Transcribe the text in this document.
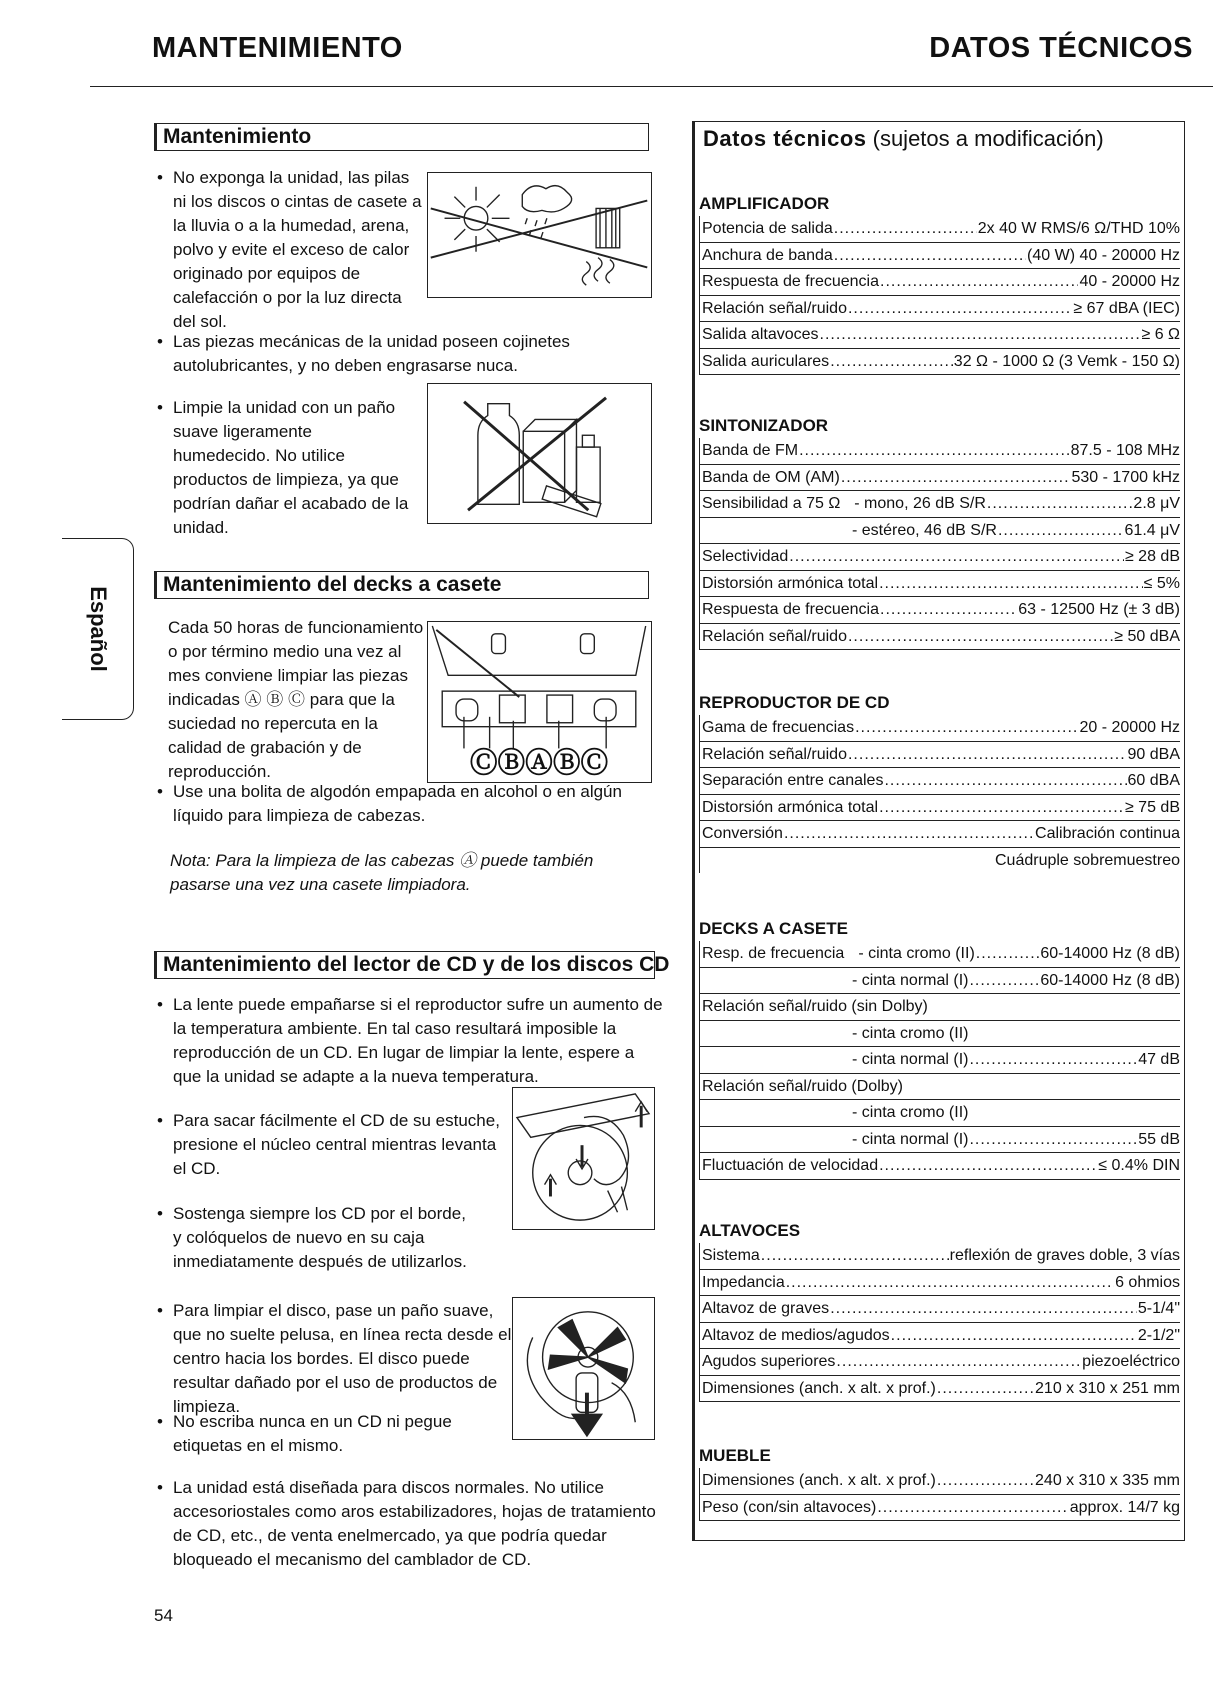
MANTENIMIENTO	DATOS TÉCNICOS
Español
Mantenimiento
• No exponga la unidad, las pilas ni los discos o cintas de casete a la lluvia o a la humedad, arena, polvo y evite el exceso de calor originado por equipos de calefacción o por la luz directa del sol.
• Las piezas mecánicas de la unidad poseen cojinetes autolubricantes, y no deben engrasarse nuca.
• Limpie la unidad con un paño suave ligeramente humedecido. No utilice productos de limpieza, ya que podrían dañar el acabado de la unidad.
Mantenimiento del decks a casete
Cada 50 horas de funcionamiento o por término medio una vez al mes conviene limpiar las piezas indicadas Ⓐ Ⓑ Ⓒ para que la suciedad no repercuta en la calidad de grabación y de reproducción.	ⒸⒷⒶⒷⒸ
• Use una bolita de algodón empapada en alcohol o en algún líquido para limpieza de cabezas.
Nota: Para la limpieza de las cabezas Ⓐ puede también pasarse una vez una casete limpiadora.
Mantenimiento del lector de CD y de los discos CD
• La lente puede empañarse si el reproductor sufre un aumento de la temperatura ambiente. En tal caso resultará imposible la reproducción de un CD. En lugar de limpiar la lente, espere a que la unidad se adapte a la nueva temperatura.
• Para sacar fácilmente el CD de su estuche, presione el núcleo central mientras levanta el CD.
• Sostenga siempre los CD por el borde, y colóquelos de nuevo en su caja inmediatamente después de utilizarlos.
• Para limpiar el disco, pase un paño suave, que no suelte pelusa, en línea recta desde el centro hacia los bordes. El disco puede resultar dañado por el uso de productos de limpieza.
• No escriba nunca en un CD ni pegue etiquetas en el mismo.
• La unidad está diseñada para discos normales. No utilice accesoriostales como aros estabilizadores, hojas de tratamiento de CD, etc., de venta enelmercado, ya que podría quedar bloqueado el mecanismo del camblador de CD.
54
Datos técnicos (sujetos a modificación)
AMPLIFICADOR
Potencia de salida .....	2x 40 W RMS/6 Ω/THD 10%
Anchura de banda .....	(40 W) 40 - 20000 Hz
Respuesta de frecuencia .....	40 - 20000 Hz
Relación señal/ruido .....	≥ 67 dBA (IEC)
Salida altavoces .....	≥ 6 Ω
Salida auriculares .....	32 Ω - 1000 Ω (3 Vemk - 150 Ω)
SINTONIZADOR
Banda de FM .....	87.5 - 108 MHz
Banda de OM (AM) .....	530 - 1700 kHz
Sensibilidad a 75 Ω - mono, 26 dB S/R .....	2.8 μV
- estéreo, 46 dB S/R .....	61.4 μV
Selectividad .....	≥ 28 dB
Distorsión armónica total .....	≤ 5%
Respuesta de frecuencia .....	63 - 12500 Hz (± 3 dB)
Relación señal/ruido .....	≥ 50 dBA
REPRODUCTOR DE CD
Gama de frecuencias .....	20 - 20000 Hz
Relación señal/ruido .....	90 dBA
Separación entre canales .....	60 dBA
Distorsión armónica total .....	≥ 75 dB
Conversión .....	Calibración continua
Cuádruple sobremuestreo
DECKS A CASETE
Resp. de frecuencia - cinta cromo (II) .....	60-14000 Hz (8 dB)
- cinta normal (I) .....	60-14000 Hz (8 dB)
Relación señal/ruido (sin Dolby)
- cinta cromo (II)
- cinta normal (I) .....	47 dB
Relación señal/ruido (Dolby)
- cinta cromo (II)
- cinta normal (I) .....	55 dB
Fluctuación de velocidad .....	≤ 0.4% DIN
ALTAVOCES
Sistema .....	reflexión de graves doble, 3 vías
Impedancia .....	6 ohmios
Altavoz de graves .....	5-1/4"
Altavoz de medios/agudos .....	2-1/2"
Agudos superiores .....	piezoeléctrico
Dimensiones (anch. x alt. x prof.) .....	210 x 310 x 251 mm
MUEBLE
Dimensiones (anch. x alt. x prof.) .....	240 x 310 x 335 mm
Peso (con/sin altavoces) .....	approx. 14/7 kg
